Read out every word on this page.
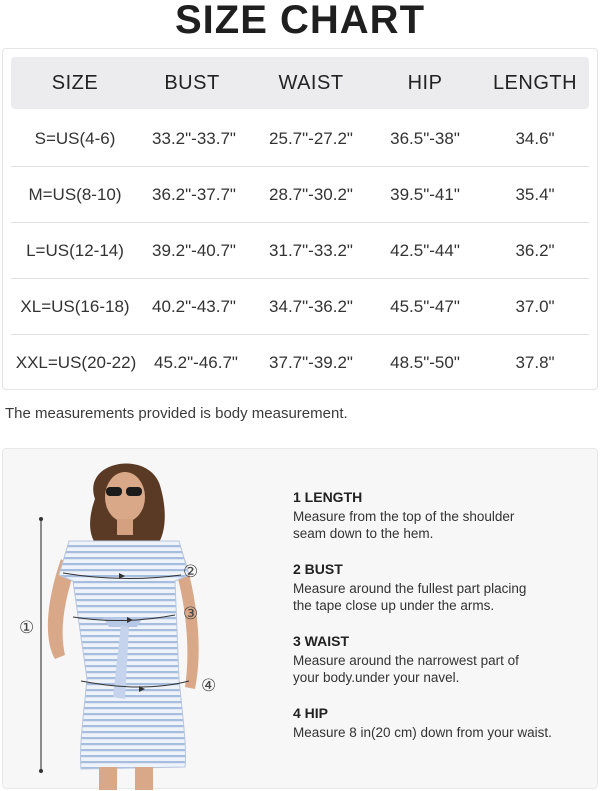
SIZE CHART
SIZE	BUST	WAIST	HIP	LENGTH
S=US(4-6)	33.2"-33.7"	25.7"-27.2"	36.5"-38"	34.6"
M=US(8-10)	36.2"-37.7"	28.7"-30.2"	39.5"-41"	35.4"
L=US(12-14)	39.2"-40.7"	31.7"-33.2"	42.5"-44"	36.2"
XL=US(16-18)	40.2"-43.7"	34.7"-36.2"	45.5"-47"	37.0"
XXL=US(20-22)	45.2"-46.7"	37.7"-39.2"	48.5"-50"	37.8"
The measurements provided is body measurement.
①
②
③
④
1 LENGTH
Measure from the top of the shoulder
seam down to the hem.
2 BUST
Measure around the fullest part placing
the tape close up under the arms.
3 WAIST
Measure around the narrowest part of
your body.under your navel.
4 HIP
Measure 8 in(20 cm) down from your waist.
